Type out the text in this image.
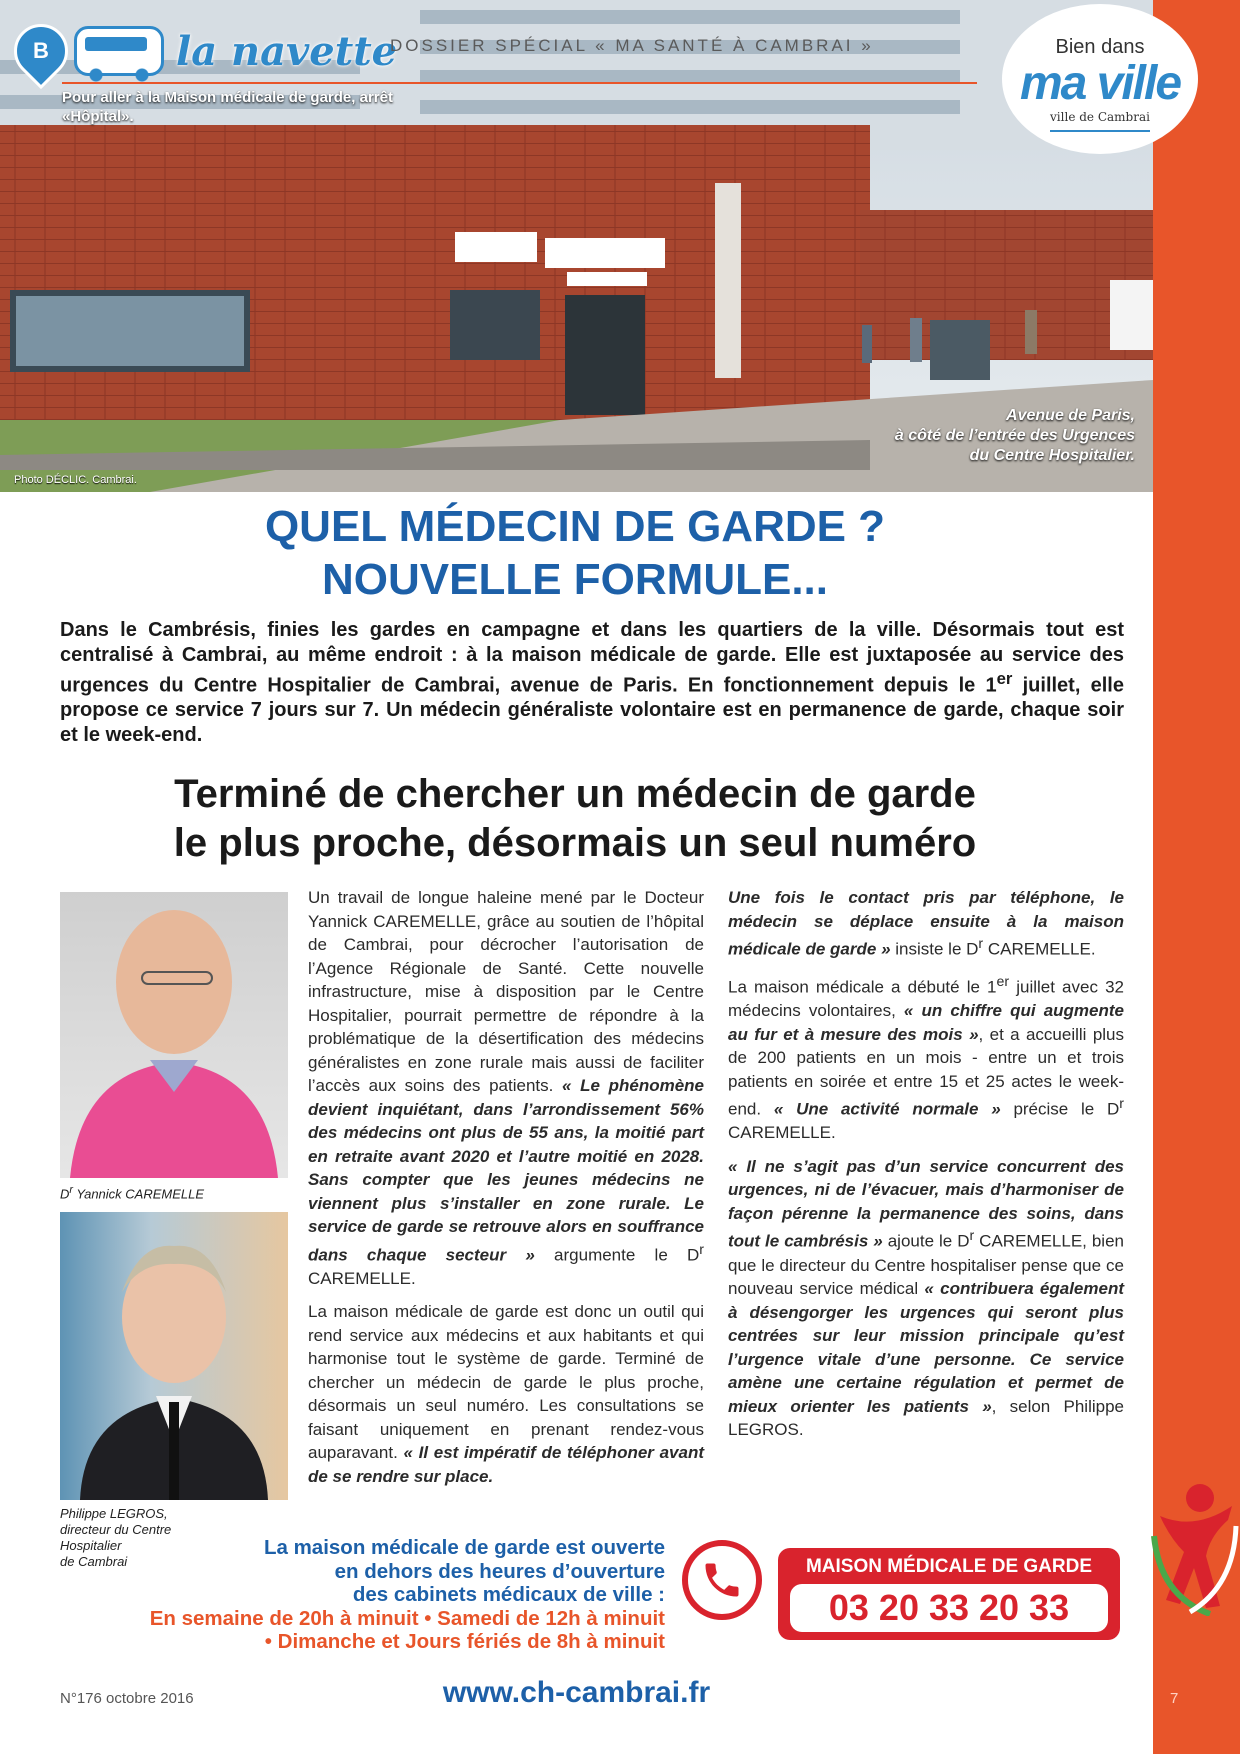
B	la navette
DOSSIER SPÉCIAL « MA SANTÉ À CAMBRAI »
Pour aller à la Maison médicale de garde, arrêt «Hôpital».
Avenue de Paris,
à côté de l’entrée des Urgences
du Centre Hospitalier.
Photo DÉCLIC. Cambrai.
Bien dans
ma ville
ville de Cambrai
QUEL MÉDECIN DE GARDE ?
NOUVELLE FORMULE...

Dans le Cambrésis, finies les gardes en campagne et dans les quartiers de la ville. Désormais tout est centralisé à Cambrai, au même endroit : à la maison médicale de garde. Elle est juxtaposée au service des urgences du Centre Hospitalier de Cambrai, avenue de Paris. En fonctionnement depuis le 1er juillet, elle propose ce service 7 jours sur 7. Un médecin généraliste volontaire est en permanence de garde, chaque soir et le week-end.

Terminé de chercher un médecin de garde
le plus proche, désormais un seul numéro
$D^r$ Yannick CAREMELLE
Philippe LEGROS,
directeur du Centre
Hospitalier
de Cambrai

Un travail de longue haleine mené par le Docteur Yannick CAREMELLE, grâce au soutien de l’hôpital de Cambrai, pour décrocher l’autorisation de l’Agence Régionale de Santé. Cette nouvelle infrastructure, mise à disposition par le Centre Hospitalier, pourrait permettre de répondre à la problématique de la désertification des médecins généralistes en zone rurale mais aussi de faciliter l’accès aux soins des patients. « Le phénomène devient inquiétant, dans l’arrondissement 56% des médecins ont plus de 55 ans, la moitié part en retraite avant 2020 et l’autre moitié en 2028. Sans compter que les jeunes médecins ne viennent plus s’installer en zone rurale. Le service de garde se retrouve alors en souffrance dans chaque secteur » argumente le $D^r$ CAREMELLE.

La maison médicale de garde est donc un outil qui rend service aux médecins et aux habitants et qui harmonise tout le système de garde. Terminé de chercher un médecin de garde le plus proche, désormais un seul numéro. Les consultations se faisant uniquement en prenant rendez-vous auparavant. « Il est impératif de téléphoner avant de se rendre sur place.

Une fois le contact pris par téléphone, le médecin se déplace ensuite à la maison médicale de garde » insiste le $D^r$ CAREMELLE.

La maison médicale a débuté le 1er juillet avec 32 médecins volontaires, « un chiffre qui augmente au fur et à mesure des mois », et a accueilli plus de 200 patients en un mois - entre un et trois patients en soirée et entre 15 et 25 actes le week-end. « Une activité normale » précise le $D^r$ CAREMELLE.

« Il ne s’agit pas d’un service concurrent des urgences, ni de l’évacuer, mais d’harmoniser de façon pérenne la permanence des soins, dans tout le cambrésis » ajoute le $D^r$ CAREMELLE, bien que le directeur du Centre hospitaliser pense que ce nouveau service médical « contribuera également à désengorger les urgences qui seront plus centrées sur leur mission principale qu’est l’urgence vitale d’une personne. Ce service amène une certaine régulation et permet de mieux orienter les patients », selon Philippe LEGROS.

La maison médicale de garde est ouverte
en dehors des heures d’ouverture
des cabinets médicaux de ville :
En semaine de 20h à minuit • Samedi de 12h à minuit
• Dimanche et Jours fériés de 8h à minuit
MAISON MÉDICALE DE GARDE
03 20 33 20 33
N°176 octobre 2016	www.ch-cambrai.fr	7
